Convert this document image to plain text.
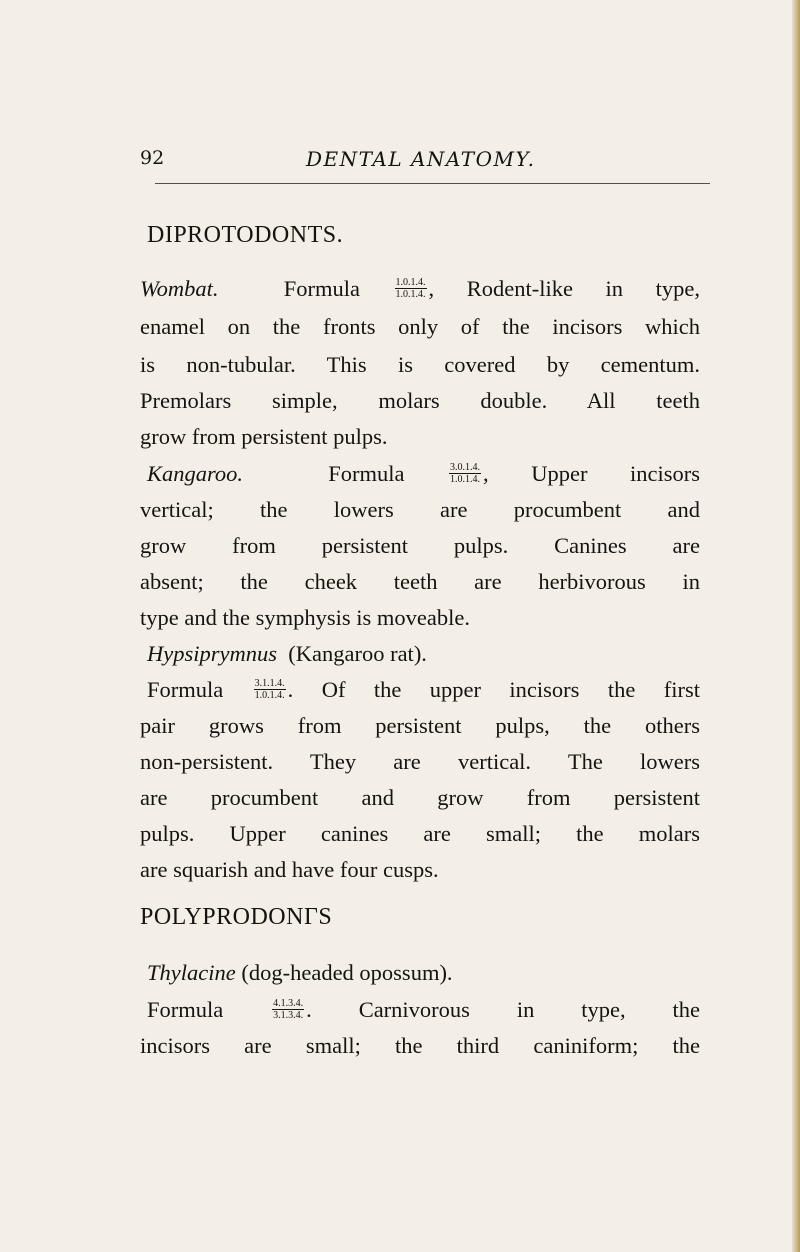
92	DENTAL ANATOMY.
DIPROTODONTS.
Wombat.	Formula	$\frac{1.0.1.4.}{1.0.1.4.}$ , Rodent-like in type,
enamel on the fronts only of the incisors which
is non-tubular. This is covered by cementum.
Premolars simple, molars double. All teeth
grow from persistent pulps.
Kangaroo.	Formula	$\frac{3.0.1.4.}{1.0.1.4.}$ , Upper incisors
vertical; the lowers are procumbent and
grow from persistent pulps. Canines are
absent; the cheek teeth are herbivorous in
type and the symphysis is moveable.
Hypsiprymnus (Kangaroo rat).
Formula	$\frac{3.1.1.4.}{1.0.1.4.}$ . Of the upper incisors the first
pair grows from persistent pulps, the others
non-persistent. They are vertical. The lowers
are procumbent and grow from persistent
pulps. Upper canines are small; the molars
are squarish and have four cusps.
POLYPRODONΓS
Thylacine (dog-headed opossum).
Formula	$\frac{4.1.3.4.}{3.1.3.4.}$ . Carnivorous in type, the
incisors are small; the third caniniform; the
